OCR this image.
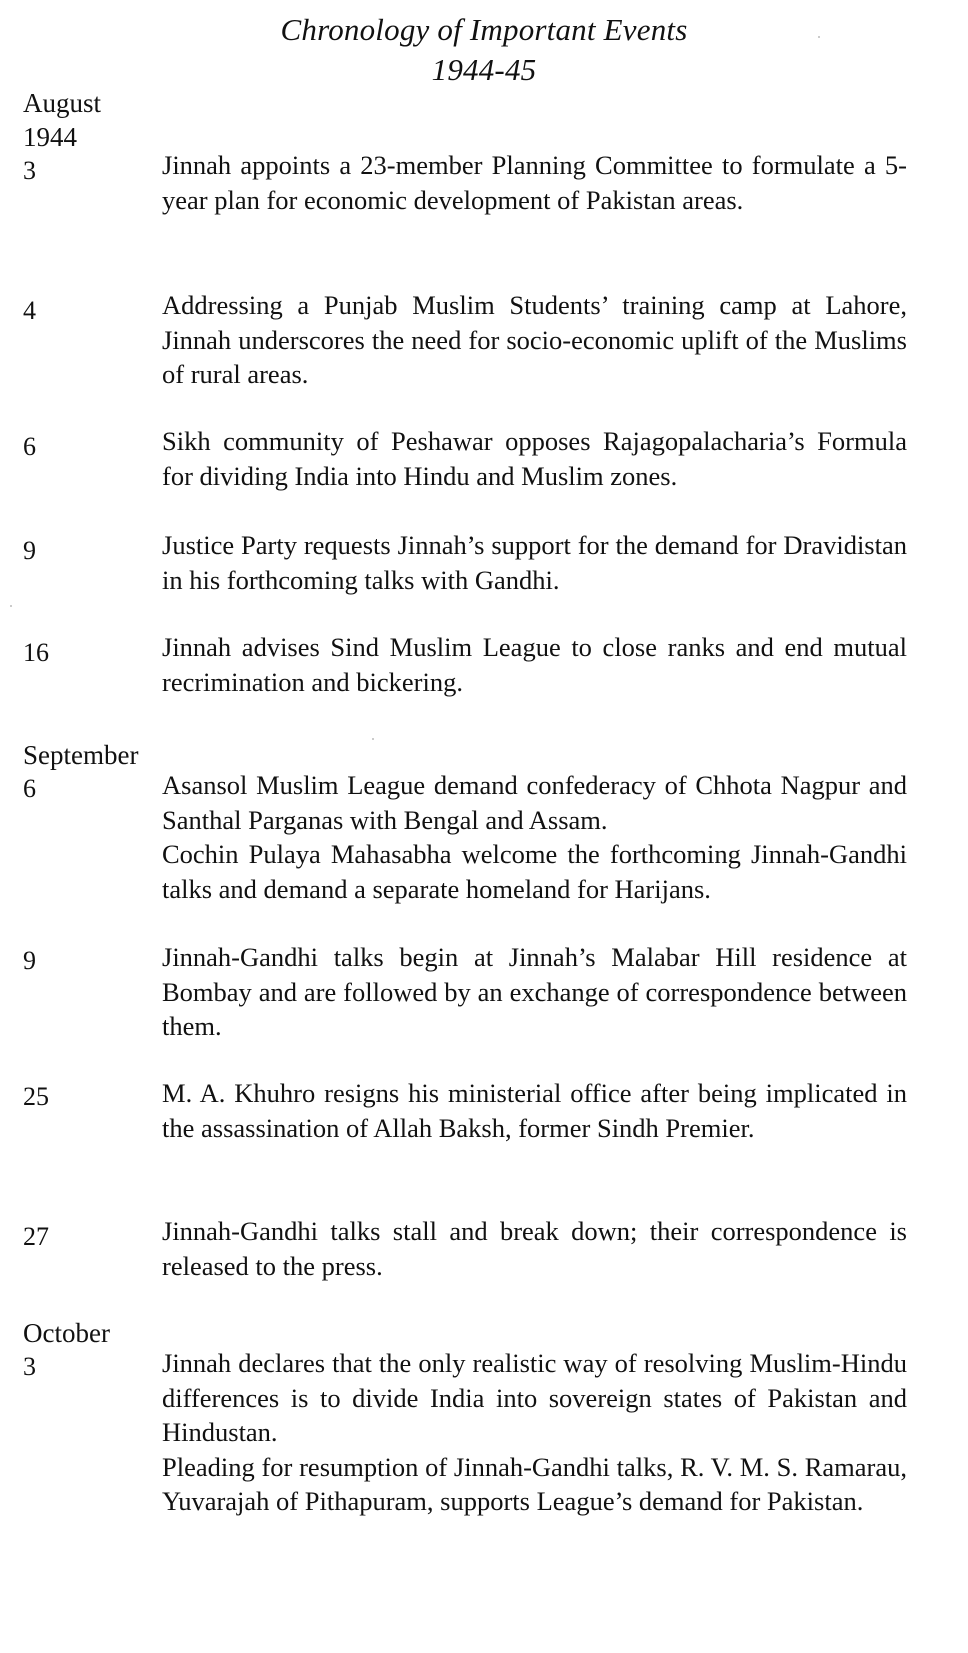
Chronology of Important Events
1944-45
August
1944
3	Jinnah appoints a 23-member Planning Committee to formulate a 5-year plan for economic development of Pakistan areas.

4	Addressing a Punjab Muslim Students’ training camp at Lahore, Jinnah underscores the need for socio-economic uplift of the Muslims of rural areas.

6	Sikh community of Peshawar opposes Rajagopalacharia’s Formula for dividing India into Hindu and Muslim zones.

9	Justice Party requests Jinnah’s support for the demand for Dravidistan in his forthcoming talks with Gandhi.

16	Jinnah advises Sind Muslim League to close ranks and end mutual recrimination and bickering.

September
6	Asansol Muslim League demand confederacy of Chhota Nagpur and Santhal Parganas with Bengal and Assam.

Cochin Pulaya Mahasabha welcome the forthcoming Jinnah-Gandhi talks and demand a separate homeland for Harijans.

9	Jinnah-Gandhi talks begin at Jinnah’s Malabar Hill residence at Bombay and are followed by an exchange of correspondence between them.

25	M. A. Khuhro resigns his ministerial office after being implicated in the assassination of Allah Baksh, former Sindh Premier.

27	Jinnah-Gandhi talks stall and break down; their correspondence is released to the press.

October
3	Jinnah declares that the only realistic way of resolving Muslim-Hindu differences is to divide India into sovereign states of Pakistan and Hindustan.

Pleading for resumption of Jinnah-Gandhi talks, R. V. M. S. Ramarau, Yuvarajah of Pithapuram, supports League’s demand for Pakistan.
